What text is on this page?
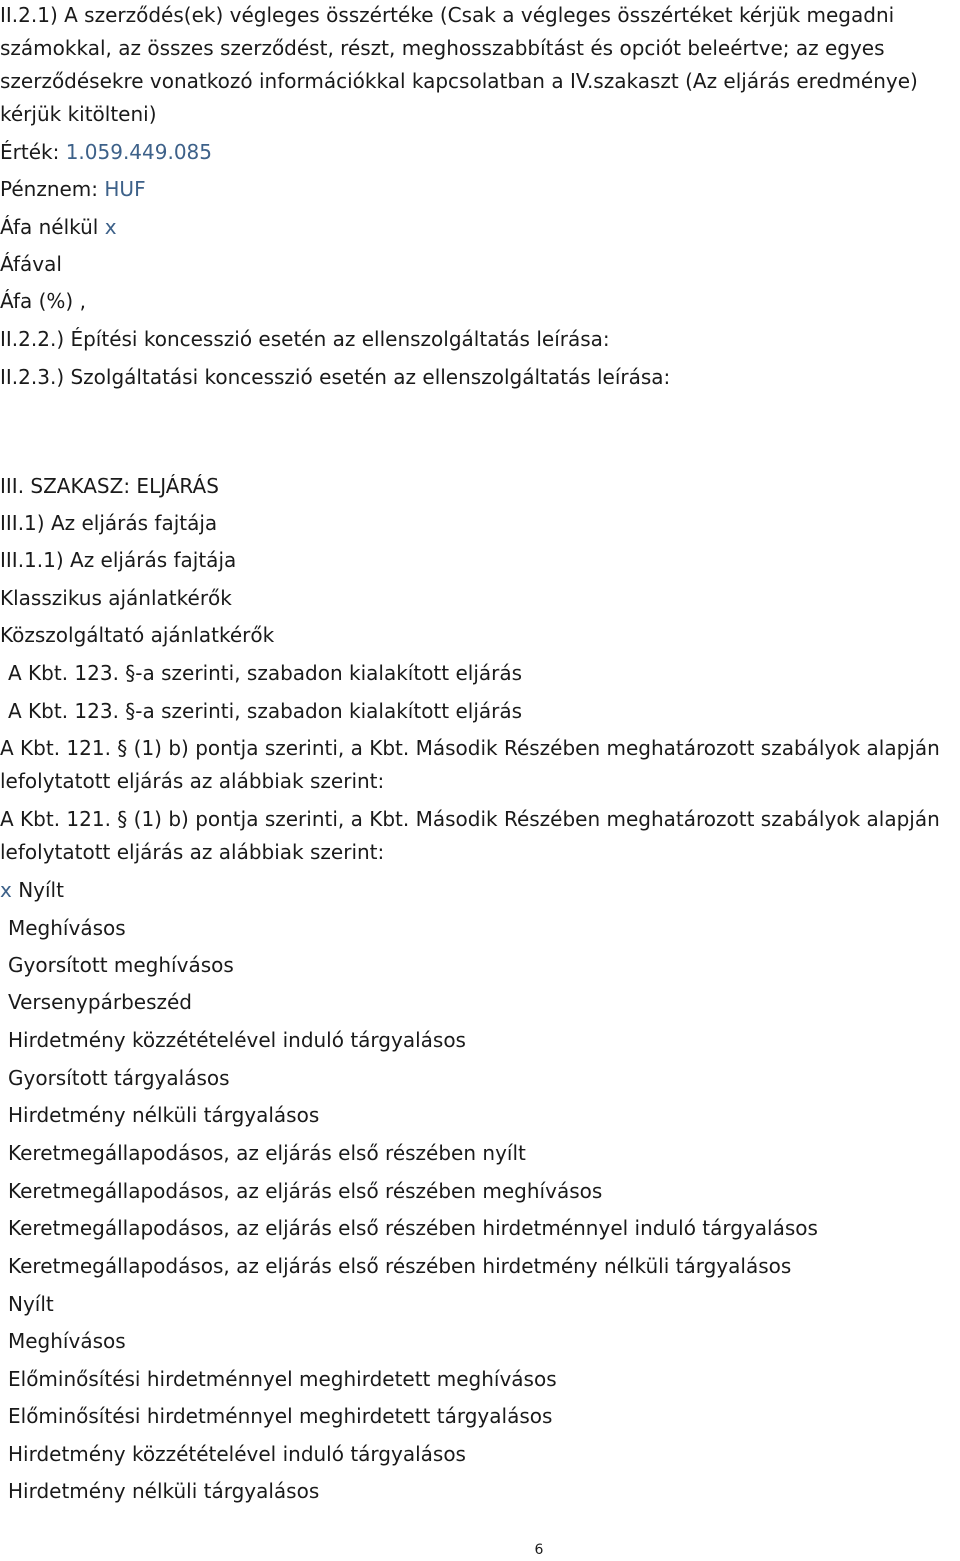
II.2.1) A szerződés(ek) végleges összértéke (Csak a végleges összértéket kérjük megadni
számokkal, az összes szerződést, részt, meghosszabbítást és opciót beleértve; az egyes
szerződésekre vonatkozó információkkal kapcsolatban a IV.szakaszt (Az eljárás eredménye)
kérjük kitölteni)
Érték: 1.059.449.085
Pénznem: HUF
Áfa nélkül x
Áfával
Áfa (%) ,
II.2.2.) Építési koncesszió esetén az ellenszolgáltatás leírása:
II.2.3.) Szolgáltatási koncesszió esetén az ellenszolgáltatás leírása:
III. SZAKASZ: ELJÁRÁS
III.1) Az eljárás fajtája
III.1.1) Az eljárás fajtája
Klasszikus ajánlatkérők
Közszolgáltató ajánlatkérők
A Kbt. 123. §-a szerinti, szabadon kialakított eljárás
A Kbt. 123. §-a szerinti, szabadon kialakított eljárás
A Kbt. 121. § (1) b) pontja szerinti, a Kbt. Második Részében meghatározott szabályok alapján
lefolytatott eljárás az alábbiak szerint:
A Kbt. 121. § (1) b) pontja szerinti, a Kbt. Második Részében meghatározott szabályok alapján
lefolytatott eljárás az alábbiak szerint:
x Nyílt
Meghívásos
Gyorsított meghívásos
Versenypárbeszéd
Hirdetmény közzétételével induló tárgyalásos
Gyorsított tárgyalásos
Hirdetmény nélküli tárgyalásos
Keretmegállapodásos, az eljárás első részében nyílt
Keretmegállapodásos, az eljárás első részében meghívásos
Keretmegállapodásos, az eljárás első részében hirdetménnyel induló tárgyalásos
Keretmegállapodásos, az eljárás első részében hirdetmény nélküli tárgyalásos
Nyílt
Meghívásos
Előminősítési hirdetménnyel meghirdetett meghívásos
Előminősítési hirdetménnyel meghirdetett tárgyalásos
Hirdetmény közzétételével induló tárgyalásos
Hirdetmény nélküli tárgyalásos
6
